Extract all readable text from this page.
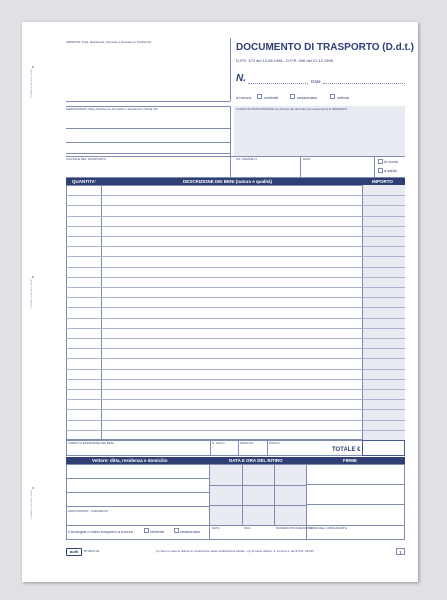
FORARE QUI/PUNCH HERE
FORARE QUI/PUNCH HERE
FORARE QUI/PUNCH HERE
CEDENTE: Ditta, Residenza, Domicilio e Residenza, Partita IVA	DOCUMENTO DI TRASPORTO (D.d.t.)
D.P.R. 472 del 14.08.1996 - D.P.R. 696 del 21.12.1996
N.	Data
a mezzo:	cedente	cessionario	vettore
CESSIONARIO: Ditta, Residenza, Domicilio e Residenza, Partita IVA	LUOGO DI DESTINAZIONE (se diverso dal domicilio del cessionario) E INDIRIZZO
CAUSALE DEL TRASPORTO	GS. ORDINE N.	DATA	in conto
a saldo
QUANTITA'	DESCRIZIONE DEI BENI (natura e qualità)	IMPORTO
ASPETTO ESTERIORE DEI BENI	N. COLLI	PESO KG	PORTO
TOTALE €
Vettore: ditta, residenza e domicilio	DATA E ORA DEL RITIRO	FIRME
ANNOTAZIONI - VARIAZIONI
Consegna o inizio trasporto a mezzo	cedente	cessionario
DATA	ORA	NUMERO PROGRESSIVO
FIRMA DEL CONDUCENTE
dufil	BT035A.S4	(1) Solo in caso di utilizzo in sostituzione della certificazione fiscale - (2) Ai sensi dell'art. 3, comma 2, del D.P.R. 441/97	1
